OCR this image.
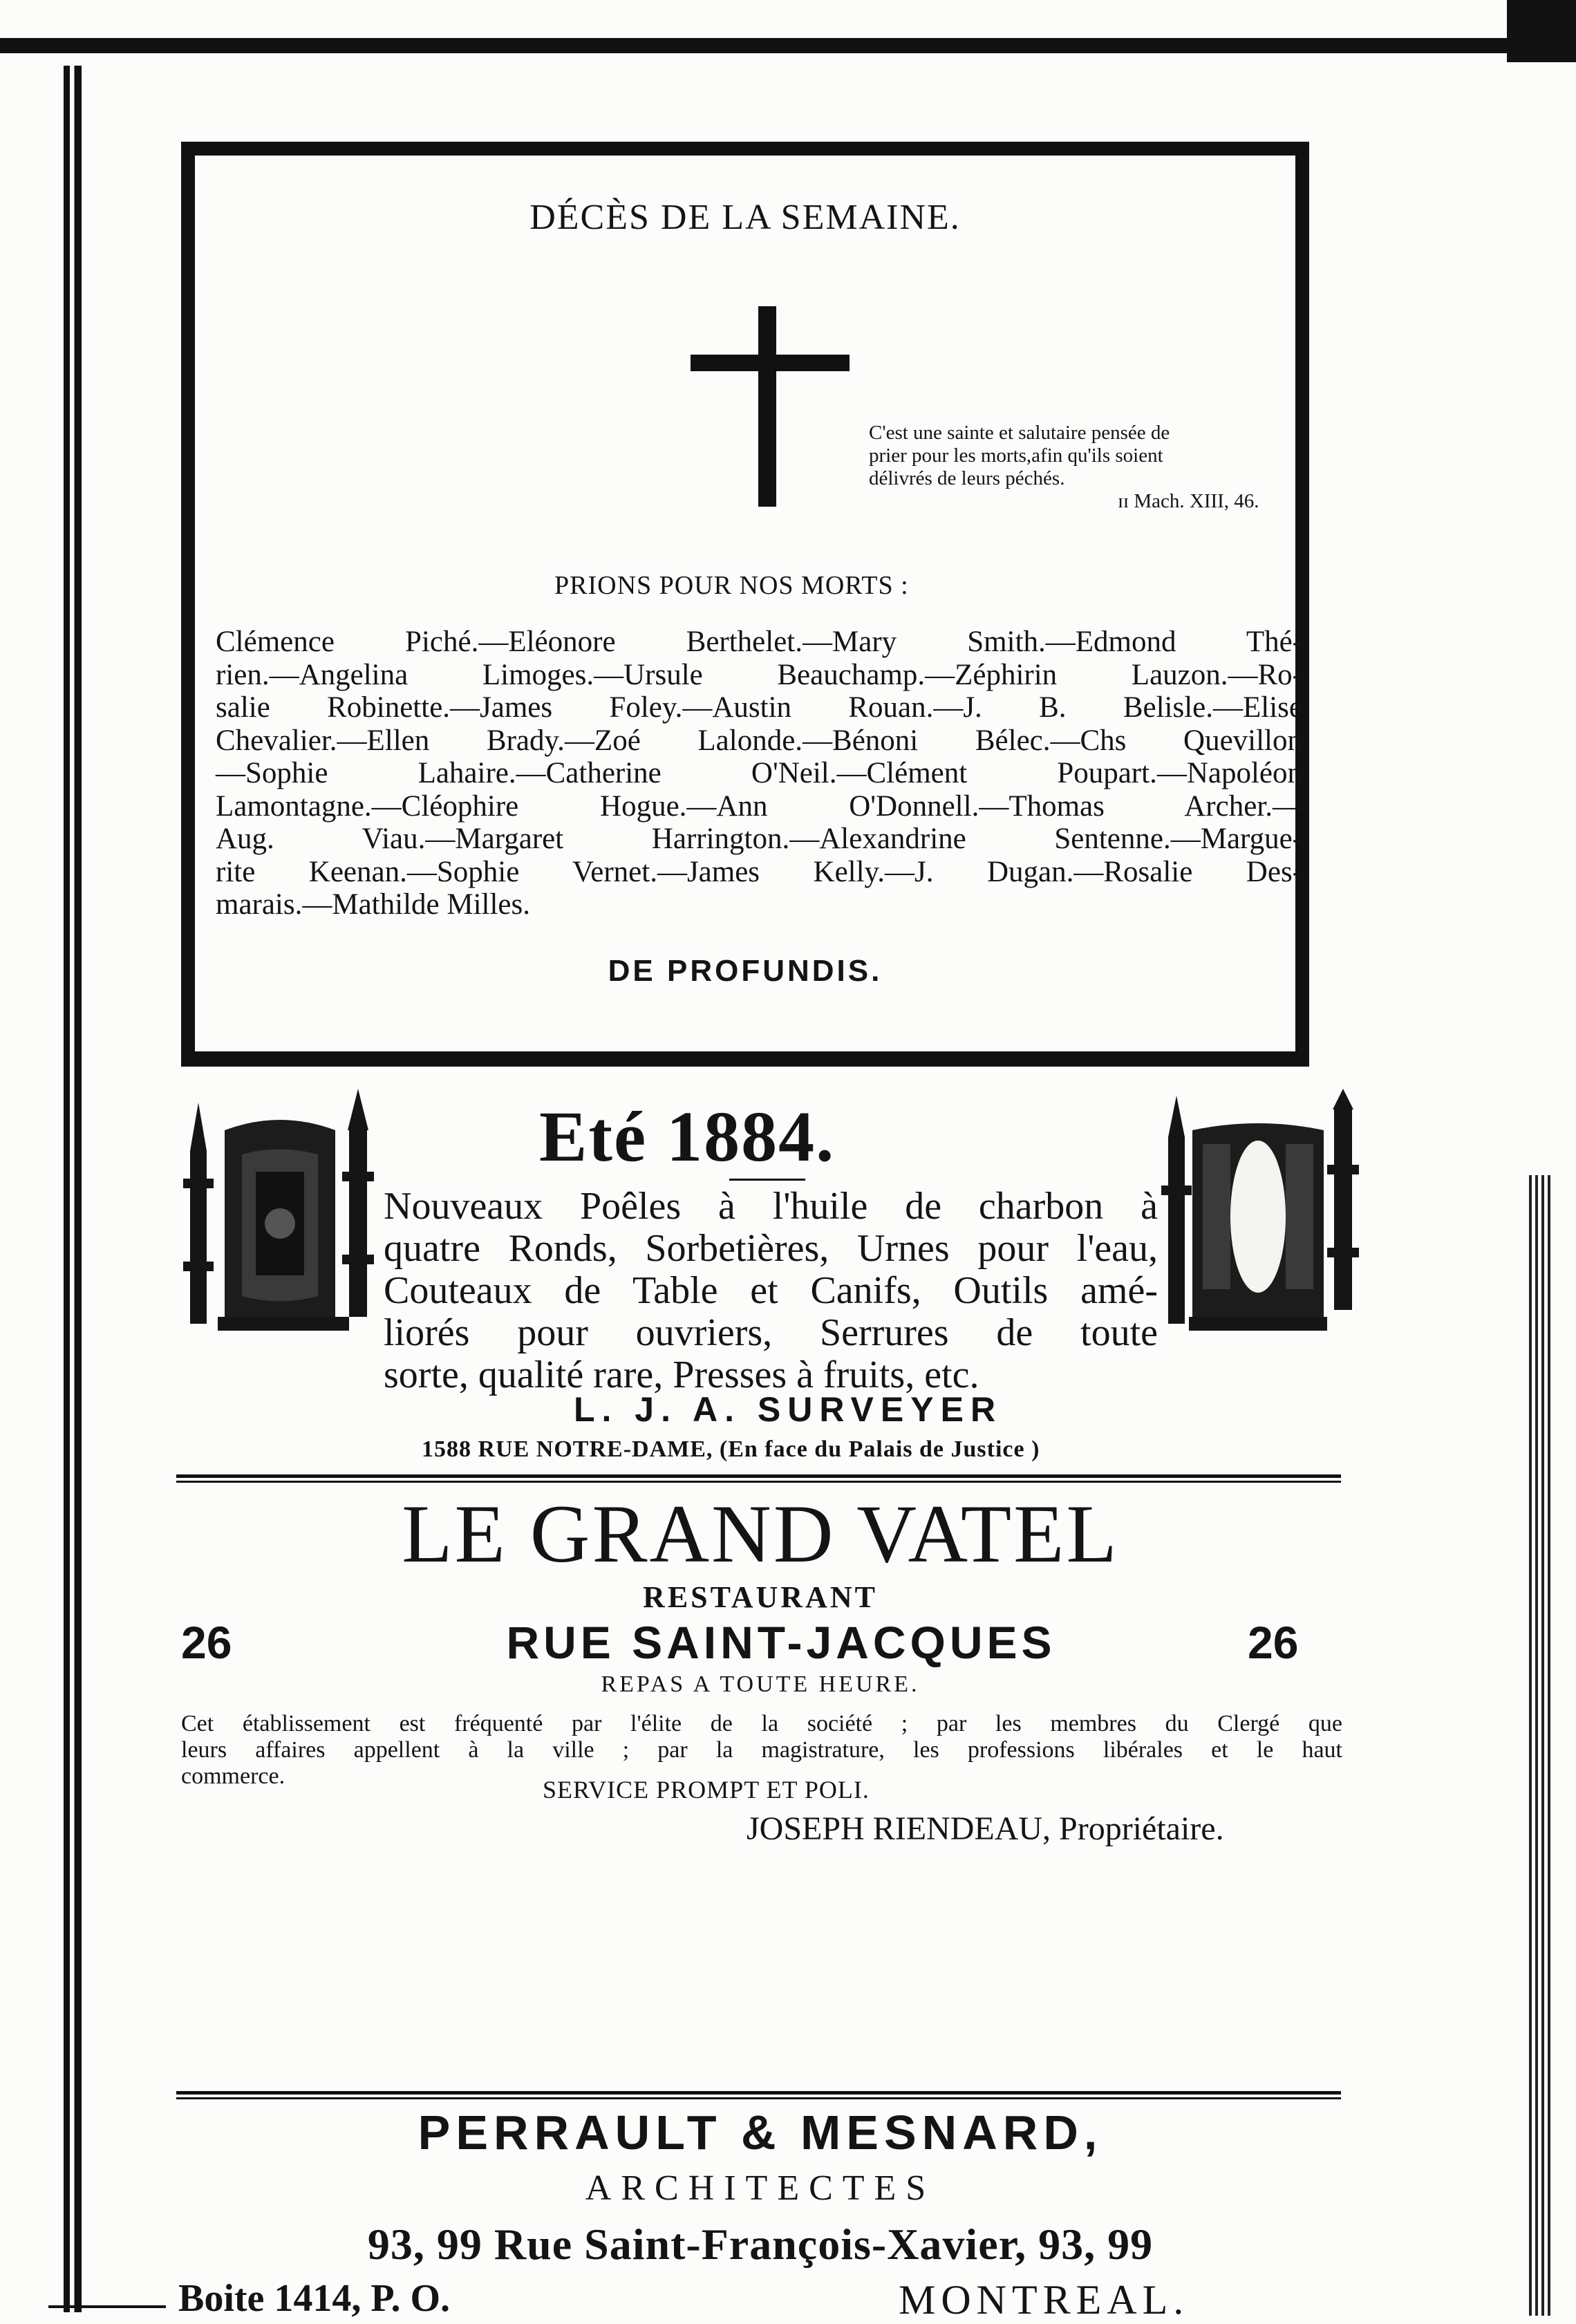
DÉCÈS DE LA SEMAINE.
C'est une sainte et salutaire pensée de
prier pour les morts,afin qu'ils soient
délivrés de leurs péchés.
ɪɪ Mach. XIII, 46.
PRIONS POUR NOS MORTS :
Clémence Piché.—Eléonore Berthelet.—Mary Smith.—Edmond Thé-
rien.—Angelina Limoges.—Ursule Beauchamp.—Zéphirin Lauzon.—Ro-
salie Robinette.—James Foley.—Austin Rouan.—J. B. Belisle.—Elise
Chevalier.—Ellen Brady.—Zoé Lalonde.—Bénoni Bélec.—Chs Quevillon
—Sophie Lahaire.—Catherine O'Neil.—Clément Poupart.—Napoléon
Lamontagne.—Cléophire Hogue.—Ann O'Donnell.—Thomas Archer.—
Aug. Viau.—Margaret Harrington.—Alexandrine Sentenne.—Margue-
rite Keenan.—Sophie Vernet.—James Kelly.—J. Dugan.—Rosalie Des-
marais.—Mathilde Milles.
DE PROFUNDIS.
Eté 1884.
Nouveaux Poêles à l'huile de charbon à
quatre Ronds, Sorbetières, Urnes pour l'eau,
Couteaux de Table et Canifs, Outils amé-
liorés pour ouvriers, Serrures de toute
sorte, qualité rare, Presses à fruits, etc.
L. J. A. SURVEYER
1588 RUE NOTRE-DAME, (En face du Palais de Justice )
LE GRAND VATEL
RESTAURANT
26	RUE SAINT-JACQUES	26
REPAS A TOUTE HEURE.
Cet établissement est fréquenté par l'élite de la société ; par les membres du Clergé que
leurs affaires appellent à la ville ; par la magistrature, les professions libérales et le haut
commerce.	SERVICE PROMPT ET POLI.
JOSEPH RIENDEAU, Propriétaire.
PERRAULT & MESNARD,
ARCHITECTES
93, 99 Rue Saint-François-Xavier, 93, 99
Boite 1414, P. O.	MONTREAL.
